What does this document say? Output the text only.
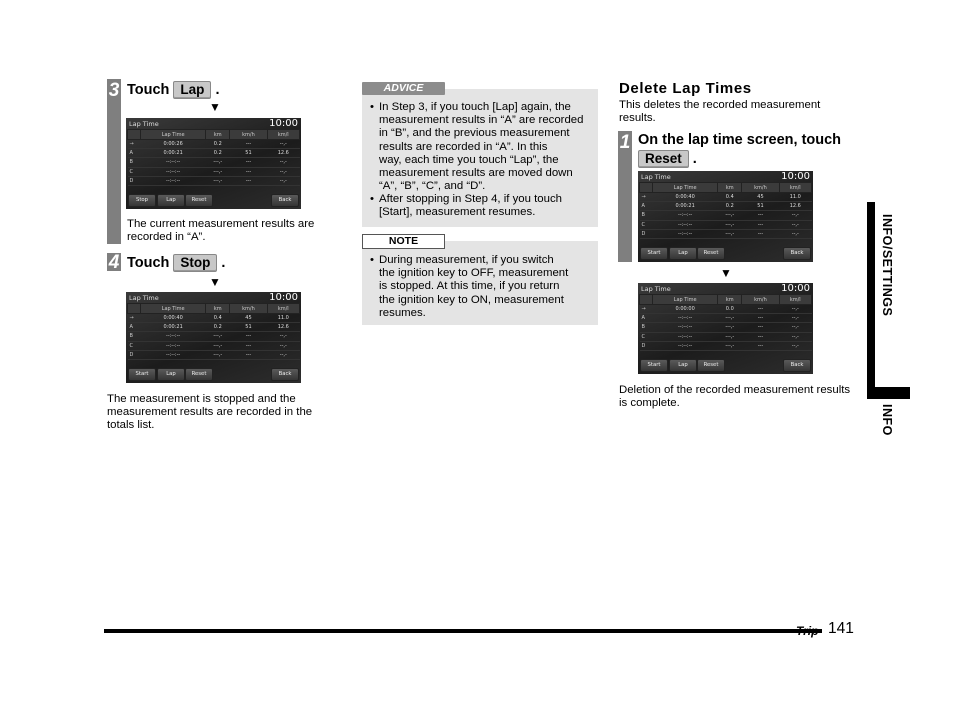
3 Touch Lap .
▼
Lap Time	10:00
	Lap Time	km	km/h	km/l
→	0:00:26	0.2	---	--,-
A	0:00:21	0.2	51	12.6
B	--:--:--	---,-	---	--,-
C	--:--:--	---,-	---	--,-
D	--:--:--	---,-	---	--,-
Stop	Lap	Reset	Back
The current measurement results are
recorded in “A”.
4 Touch Stop .
▼
Lap Time	10:00
	Lap Time	km	km/h	km/l
→	0:00:40	0.4	45	11.0
A	0:00:21	0.2	51	12.6
B	--:--:--	---,-	---	--,-
C	--:--:--	---,-	---	--,-
D	--:--:--	---,-	---	--,-
Start	Lap	Reset	Back
The measurement is stopped and the
measurement results are recorded in the
totals list.
ADVICE
• In Step 3, if you touch [Lap] again, the
measurement results in “A” are recorded
in “B”, and the previous measurement
results are recorded in “A”. In this
way, each time you touch “Lap”, the
measurement results are moved down
“A”, “B”, “C”, and “D”.
• After stopping in Step 4, if you touch
[Start], measurement resumes.
NOTE
• During measurement, if you switch
the ignition key to OFF, measurement
is stopped. At this time, if you return
the ignition key to ON, measurement
resumes.
Delete Lap Times
This deletes the recorded measurement
results.
1 On the lap time screen, touch
Reset .
Lap Time	10:00
	Lap Time	km	km/h	km/l
→	0:00:40	0.4	45	11.0
A	0:00:21	0.2	51	12.6
B	--:--:--	---,-	---	--,-
C	--:--:--	---,-	---	--,-
D	--:--:--	---,-	---	--,-
Start	Lap	Reset	Back
▼
Lap Time	10:00
	Lap Time	km	km/h	km/l
→	0:00:00	0.0	---	--,-
A	--:--:--	---,-	---	--,-
B	--:--:--	---,-	---	--,-
C	--:--:--	---,-	---	--,-
D	--:--:--	---,-	---	--,-
Start	Lap	Reset	Back
Deletion of the recorded measurement results
is complete.
INFO/SETTINGS
INFO
Trip 141
